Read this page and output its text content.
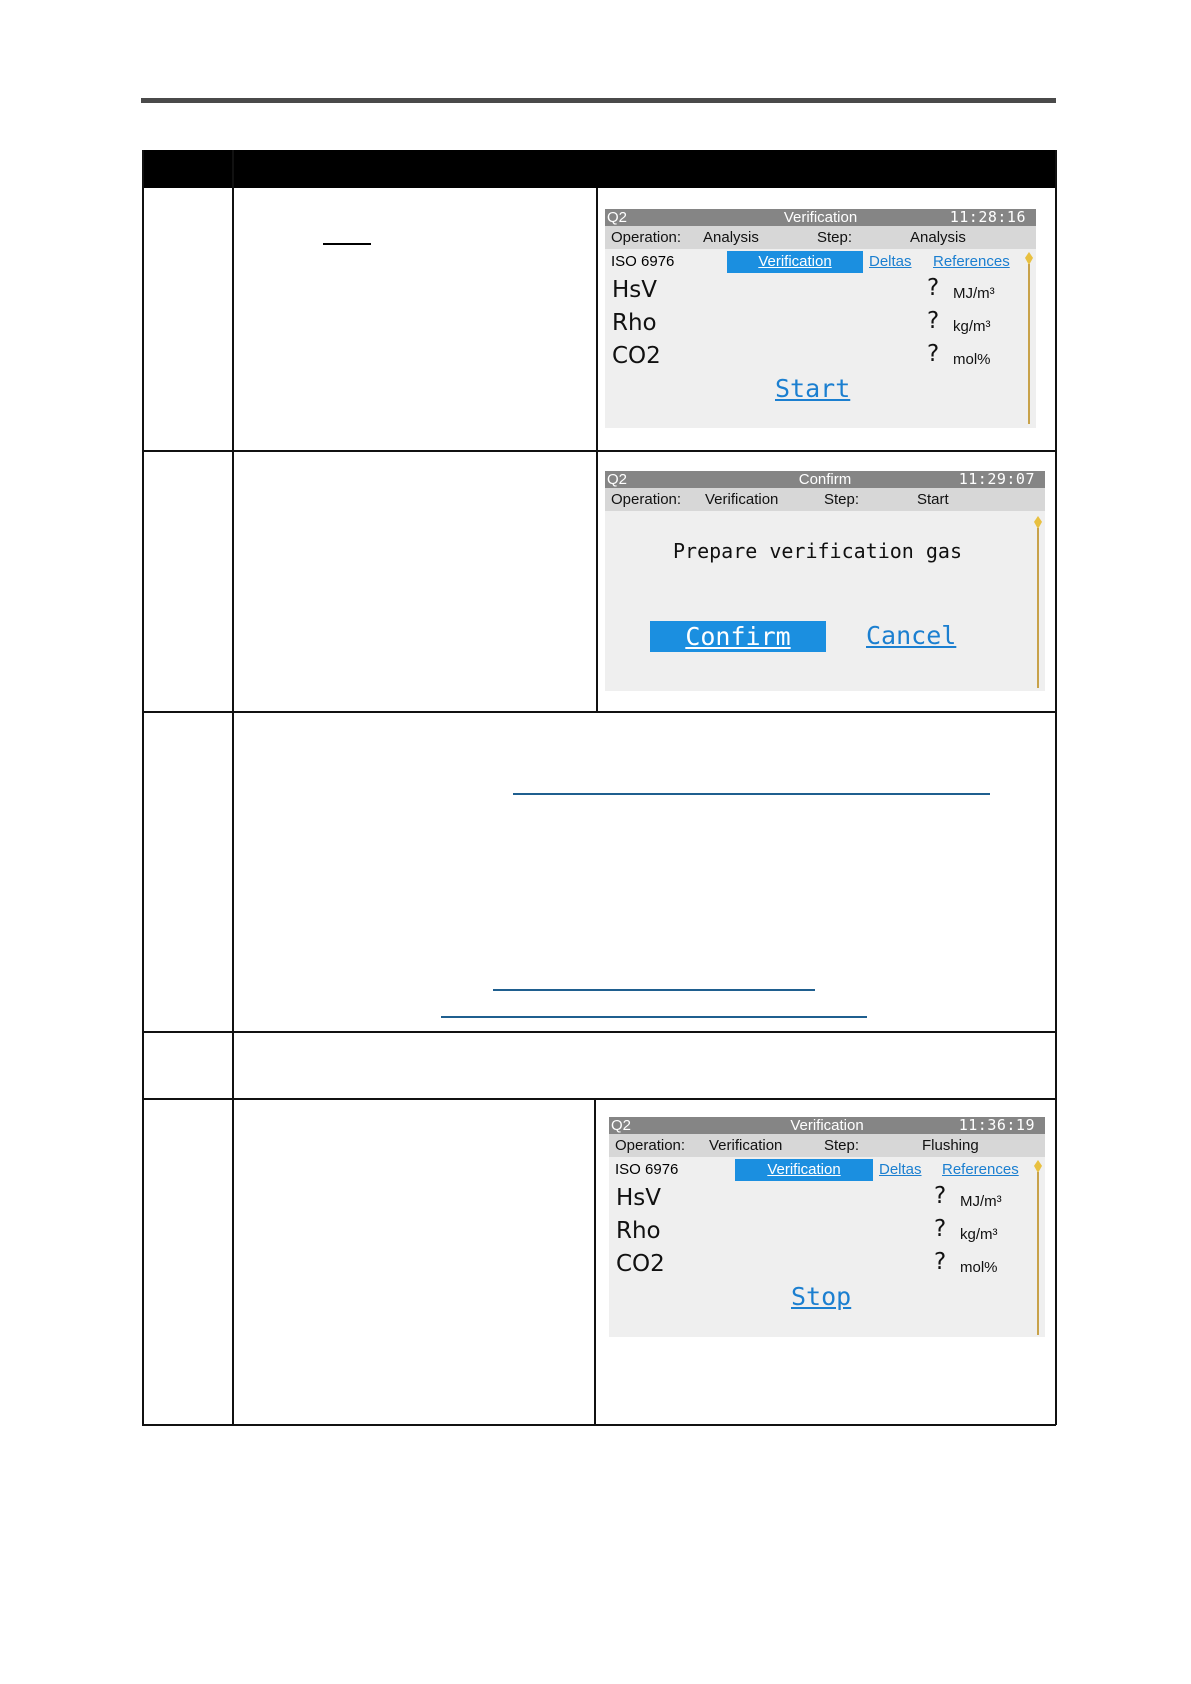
Q2	Verification	11:28:16
Operation: Analysis	Step:	Analysis
ISO 6976	Verification	Deltas References
HsV	? MJ/m³
Rho	? kg/m³
CO2	? mol%
Start
Q2	Confirm	11:29:07
Operation: Verification	Step:	Start
Prepare verification gas
Confirm	Cancel
Q2	Verification	11:36:19
Operation: Verification	Step:	Flushing
ISO 6976	Verification	Deltas References
HsV	? MJ/m³
Rho	? kg/m³
CO2	? mol%
Stop
